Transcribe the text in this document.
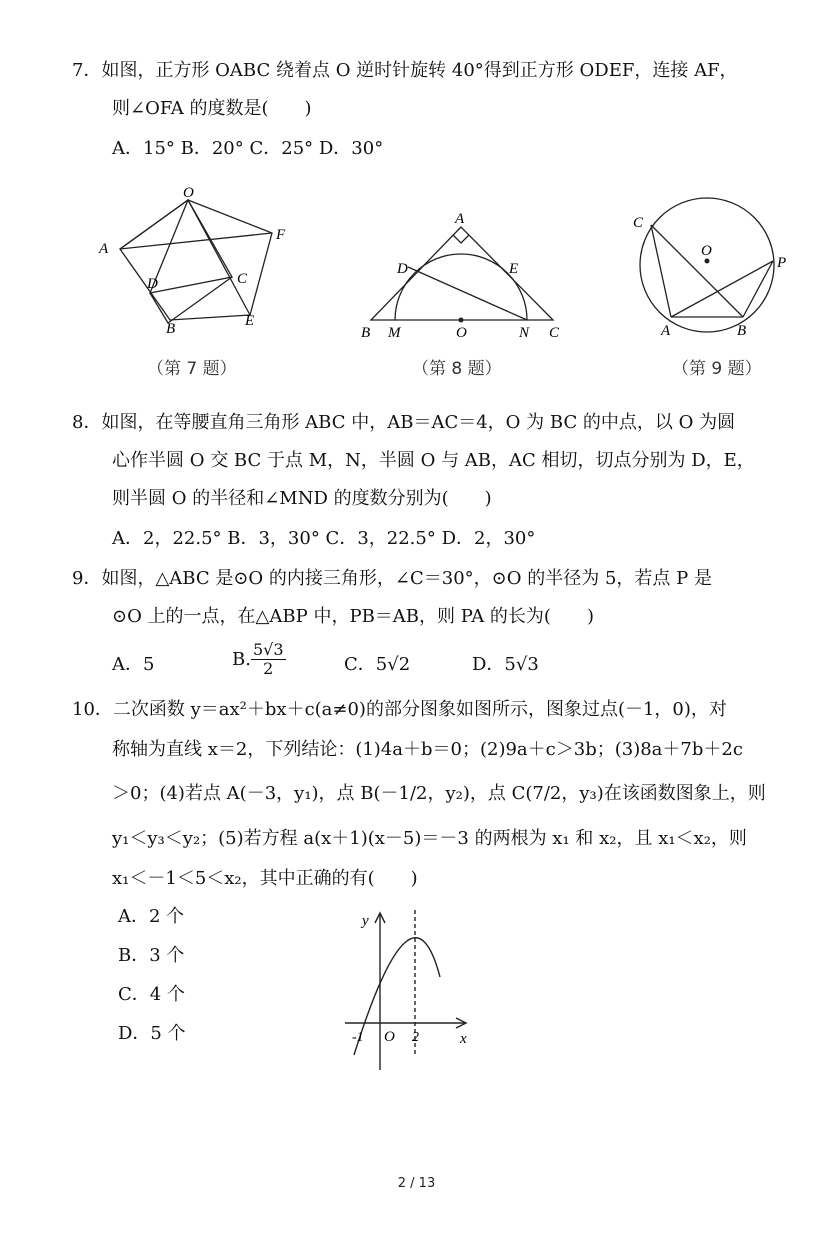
7．如图，正方形 OABC 绕着点 O 逆时针旋转 40°得到正方形 ODEF，连接 AF，
则∠OFA 的度数是(　　)
A．15° B．20° C．25° D．30°
O
A
F
D	C
B	E
（第 7 题）
A
D	E
B M	O	N C
（第 8 题）
C
O
P
A	B
（第 9 题）
8．如图，在等腰直角三角形 ABC 中，AB＝AC＝4，O 为 BC 的中点，以 O 为圆
心作半圆 O 交 BC 于点 M，N，半圆 O 与 AB，AC 相切，切点分别为 D，E，
则半圆 O 的半径和∠MND 的度数分别为(　　)
A．2，22.5° B．3，30° C．3，22.5° D．2，30°
9．如图，△ABC 是⊙O 的内接三角形，∠C＝30°，⊙O 的半径为 5，若点 P 是
⊙O 上的一点，在△ABP 中，PB＝AB，则 PA 的长为(　　)
A．5	B. $\frac{5√3}{2}$	C．5√2	D．5√3
10．二次函数 y＝ax²＋bx＋c(a≠0)的部分图象如图所示，图象过点(－1，0)，对
称轴为直线 x＝2，下列结论：(1)4a＋b＝0；(2)9a＋c＞3b；(3)8a＋7b＋2c
＞0；(4)若点 A(－3，y₁)，点 B(－1/2，y₂)，点 C(7/2，y₃)在该函数图象上，则
y₁＜y₃＜y₂；(5)若方程 a(x＋1)(x－5)＝－3 的两根为 x₁ 和 x₂，且 x₁＜x₂，则
x₁＜－1＜5＜x₂，其中正确的有(　　)
A．2 个
B．3 个
C．4 个
D．5 个
y
x
-1 O 2
2 / 13
